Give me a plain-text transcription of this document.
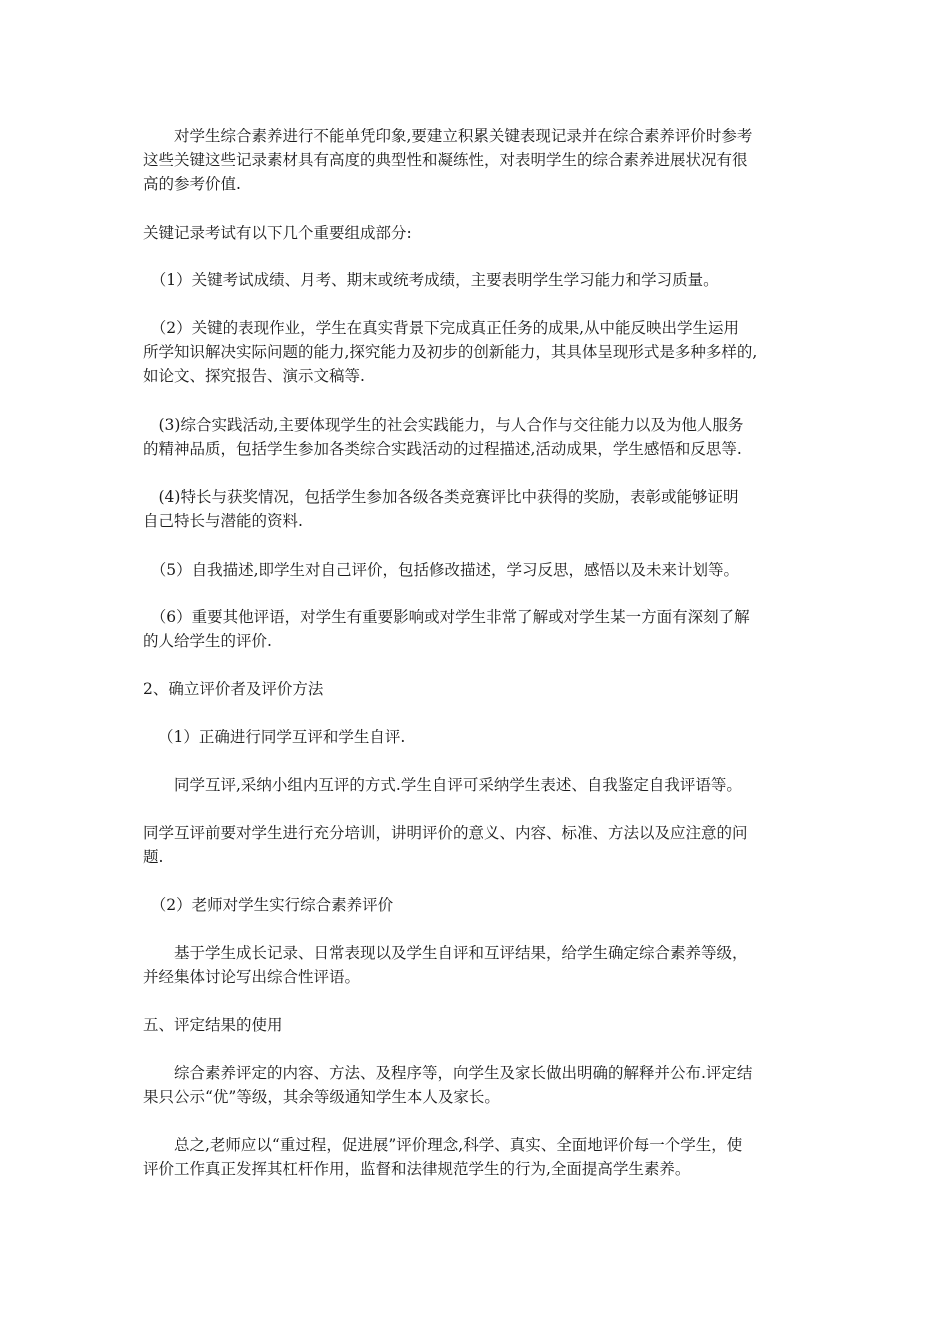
　　对学生综合素养进行不能单凭印象,要建立积累关键表现记录并在综合素养评价时参考
这些关键这些记录素材具有高度的典型性和凝练性，对表明学生的综合素养进展状况有很
高的参考价值.

关键记录考试有以下几个重要组成部分:

　（1）关键考试成绩、月考、期末或统考成绩，主要表明学生学习能力和学习质量。

　（2）关键的表现作业，学生在真实背景下完成真正任务的成果,从中能反映出学生运用
所学知识解决实际问题的能力,探究能力及初步的创新能力，其具体呈现形式是多种多样的,
如论文、探究报告、演示文稿等.

　(3)综合实践活动,主要体现学生的社会实践能力，与人合作与交往能力以及为他人服务
的精神品质，包括学生参加各类综合实践活动的过程描述,活动成果，学生感悟和反思等.

　(4)特长与获奖情况，包括学生参加各级各类竞赛评比中获得的奖励，表彰或能够证明
自己特长与潜能的资料.

　（5）自我描述,即学生对自己评价，包括修改描述，学习反思，感悟以及未来计划等。

　（6）重要其他评语，对学生有重要影响或对学生非常了解或对学生某一方面有深刻了解
的人给学生的评价.

2、确立评价者及评价方法

（1）正确进行同学互评和学生自评.

　　同学互评,采纳小组内互评的方式.学生自评可采纳学生表述、自我鉴定自我评语等。

同学互评前要对学生进行充分培训，讲明评价的意义、内容、标准、方法以及应注意的问
题.

　（2）老师对学生实行综合素养评价

　　基于学生成长记录、日常表现以及学生自评和互评结果，给学生确定综合素养等级，
并经集体讨论写出综合性评语。

五、评定结果的使用

　　综合素养评定的内容、方法、及程序等，向学生及家长做出明确的解释并公布.评定结
果只公示“优”等级，其余等级通知学生本人及家长。

　　总之,老师应以“重过程，促进展”评价理念,科学、真实、全面地评价每一个学生，使
评价工作真正发挥其杠杆作用，监督和法律规范学生的行为,全面提高学生素养。
